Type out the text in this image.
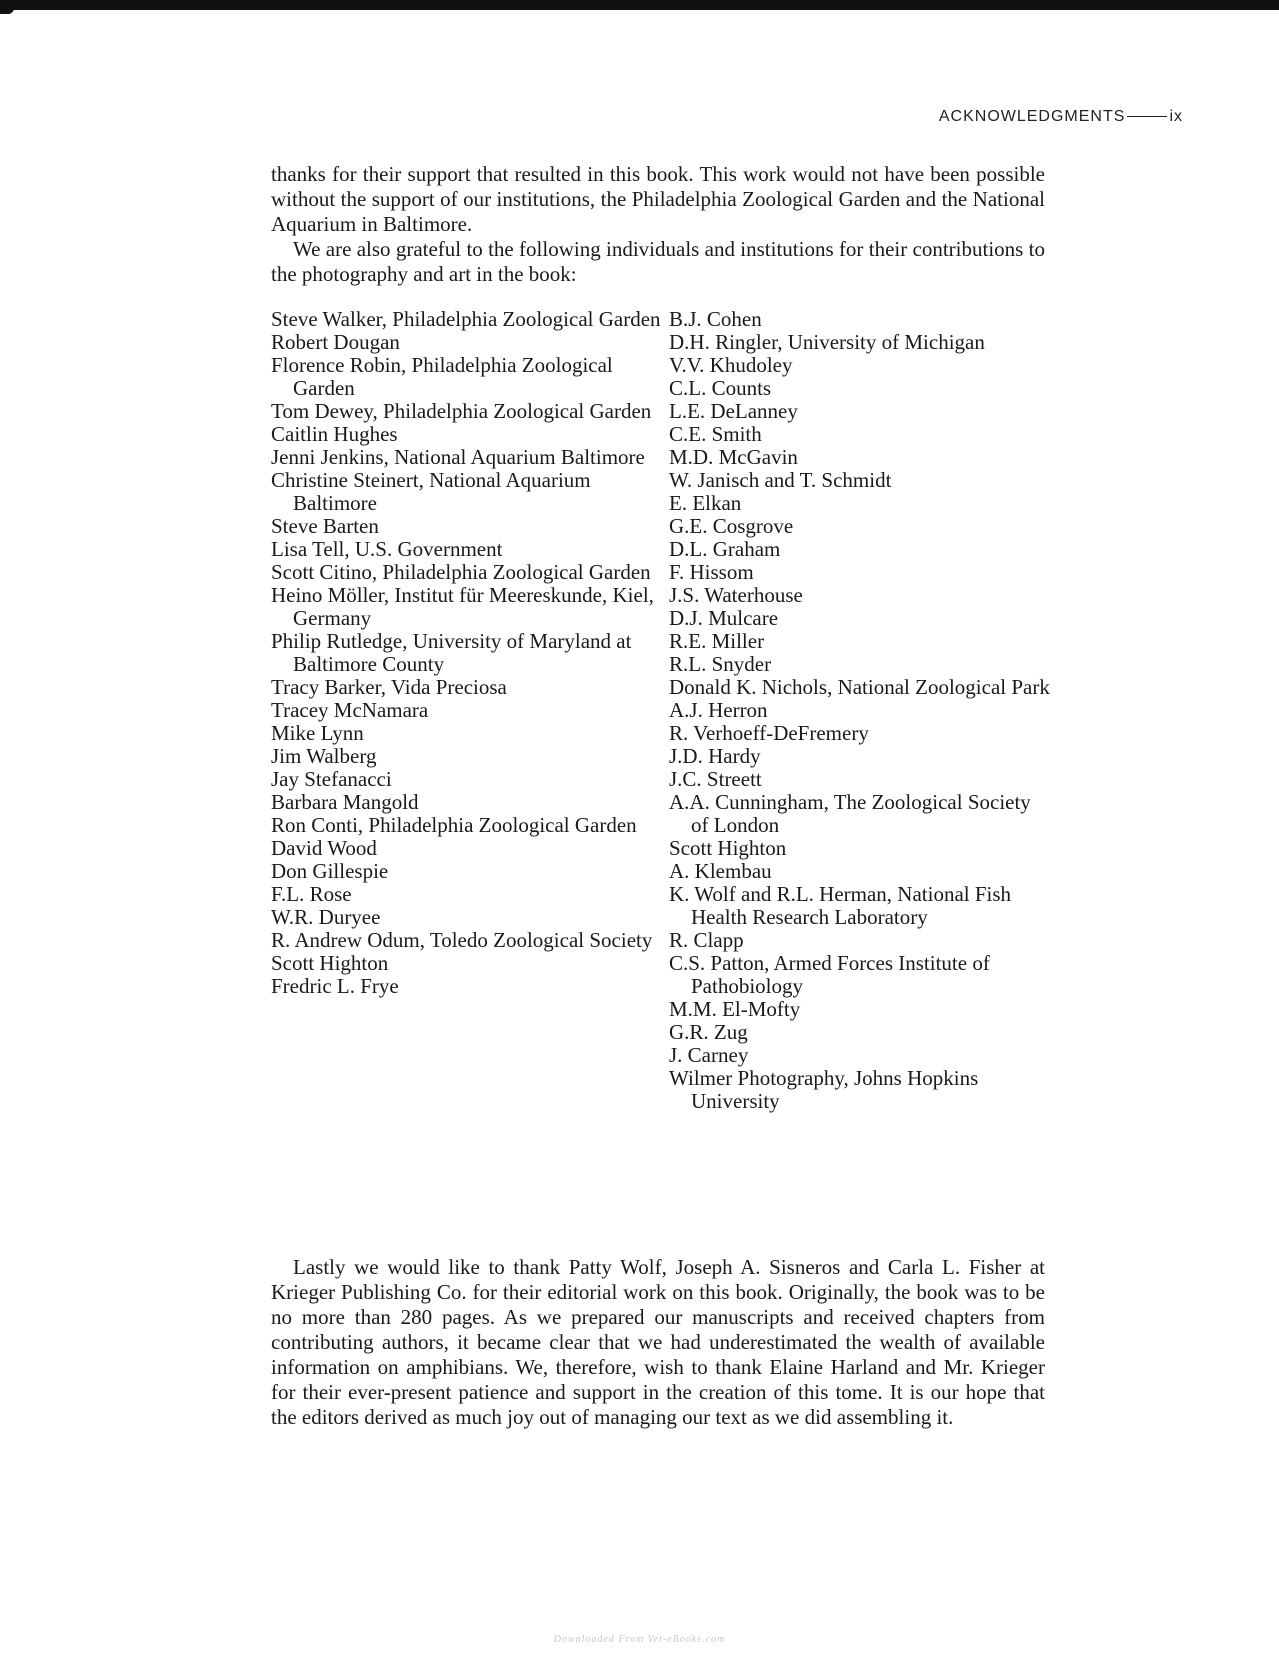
ACKNOWLEDGMENTS	ix

thanks for their support that resulted in this book. This work would not have been possible without the support of our institutions, the Philadelphia Zoological Garden and the National Aquarium in Baltimore.

We are also grateful to the following individuals and institutions for their contributions to the photography and art in the book:

Steve Walker, Philadelphia Zoological Garden
Robert Dougan
Florence Robin, Philadelphia Zoological Garden
Tom Dewey, Philadelphia Zoological Garden
Caitlin Hughes
Jenni Jenkins, National Aquarium Baltimore
Christine Steinert, National Aquarium Baltimore
Steve Barten
Lisa Tell, U.S. Government
Scott Citino, Philadelphia Zoological Garden
Heino Möller, Institut für Meereskunde, Kiel, Germany
Philip Rutledge, University of Maryland at Baltimore County
Tracy Barker, Vida Preciosa
Tracey McNamara
Mike Lynn
Jim Walberg
Jay Stefanacci
Barbara Mangold
Ron Conti, Philadelphia Zoological Garden
David Wood
Don Gillespie
F.L. Rose
W.R. Duryee
R. Andrew Odum, Toledo Zoological Society
Scott Highton
Fredric L. Frye
B.J. Cohen
D.H. Ringler, University of Michigan
V.V. Khudoley
C.L. Counts
L.E. DeLanney
C.E. Smith
M.D. McGavin
W. Janisch and T. Schmidt
E. Elkan
G.E. Cosgrove
D.L. Graham
F. Hissom
J.S. Waterhouse
D.J. Mulcare
R.E. Miller
R.L. Snyder
Donald K. Nichols, National Zoological Park
A.J. Herron
R. Verhoeff-DeFremery
J.D. Hardy
J.C. Streett
A.A. Cunningham, The Zoological Society of London
Scott Highton
A. Klembau
K. Wolf and R.L. Herman, National Fish Health Research Laboratory
R. Clapp
C.S. Patton, Armed Forces Institute of Pathobiology
M.M. El-Mofty
G.R. Zug
J. Carney
Wilmer Photography, Johns Hopkins University

Lastly we would like to thank Patty Wolf, Joseph A. Sisneros and Carla L. Fisher at Krieger Publishing Co. for their editorial work on this book. Originally, the book was to be no more than 280 pages. As we prepared our manuscripts and received chapters from contributing authors, it became clear that we had underestimated the wealth of available information on amphibians. We, therefore, wish to thank Elaine Harland and Mr. Krieger for their ever-present patience and support in the creation of this tome. It is our hope that the editors derived as much joy out of managing our text as we did assembling it.

Downloaded From Vet-eBooks.com
